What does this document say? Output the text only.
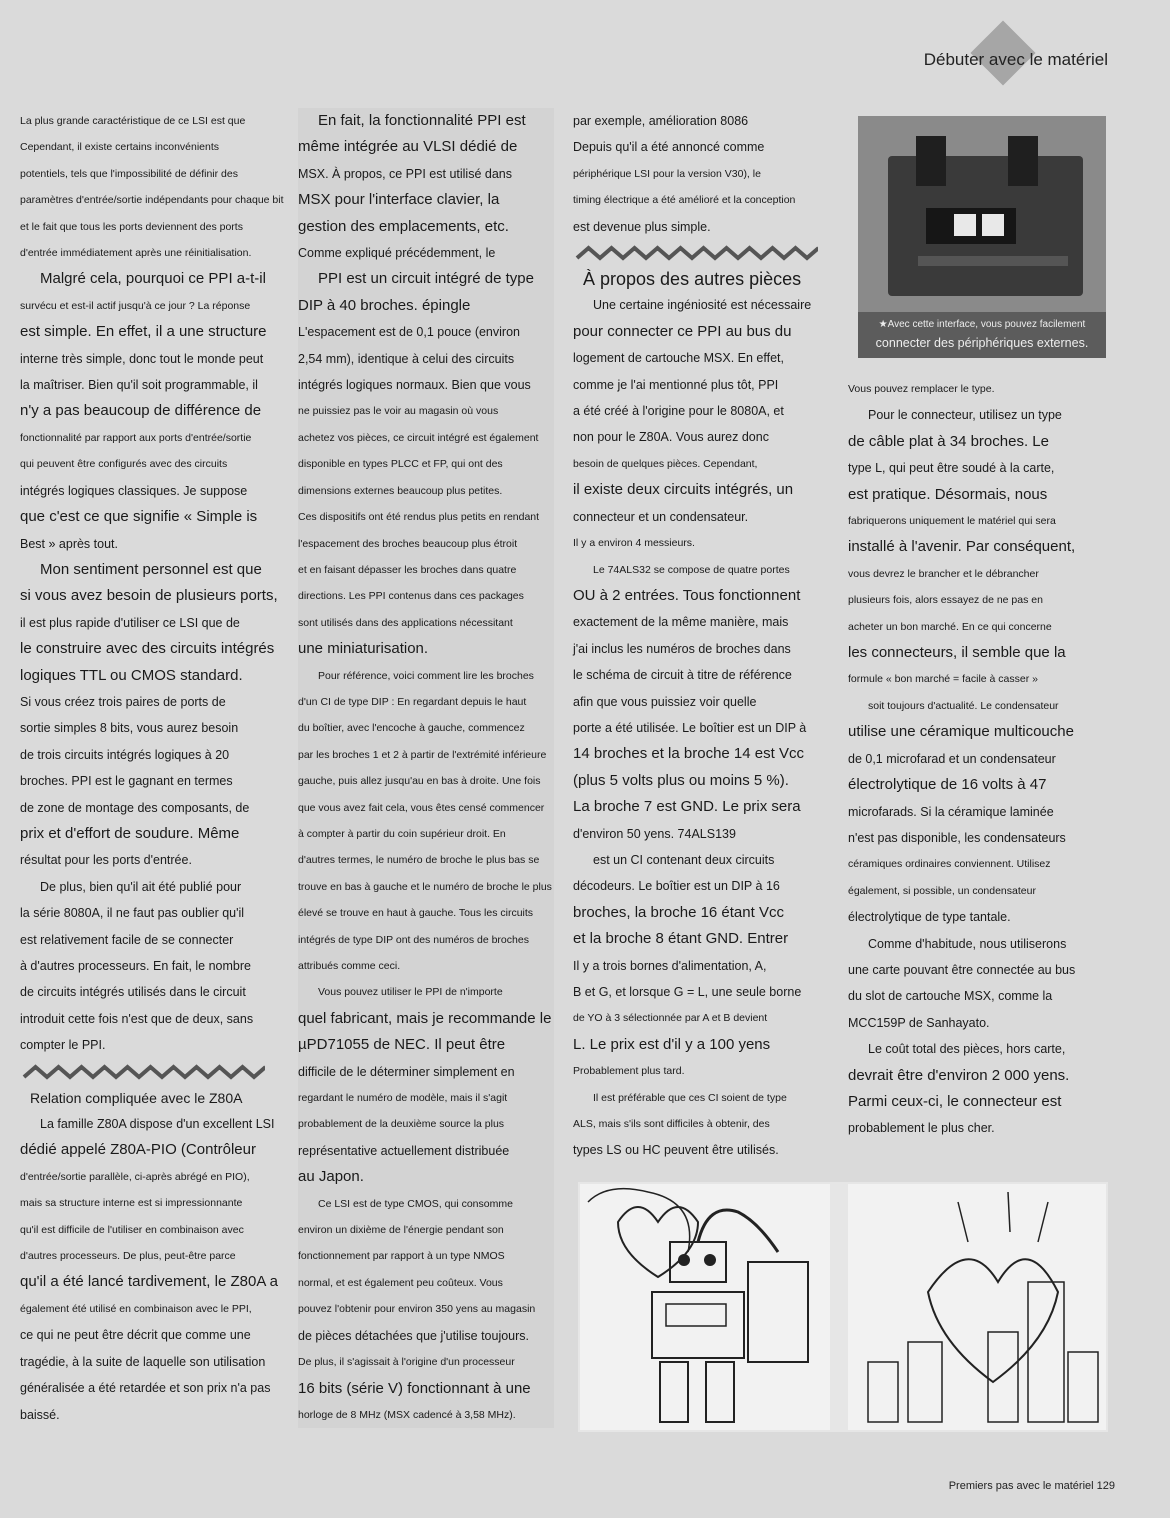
Débuter avec le matériel

La plus grande caractéristique de ce LSI est que

Cependant, il existe certains inconvénients

potentiels, tels que l'impossibilité de définir des

paramètres d'entrée/sortie indépendants pour chaque bit

et le fait que tous les ports deviennent des ports

d'entrée immédiatement après une réinitialisation.

Malgré cela, pourquoi ce PPI a-t-il

survécu et est-il actif jusqu'à ce jour ? La réponse

est simple. En effet, il a une structure

interne très simple, donc tout le monde peut

la maîtriser. Bien qu'il soit programmable, il

n'y a pas beaucoup de différence de

fonctionnalité par rapport aux ports d'entrée/sortie

qui peuvent être configurés avec des circuits

intégrés logiques classiques. Je suppose

que c'est ce que signifie « Simple is

Best » après tout.

Mon sentiment personnel est que

si vous avez besoin de plusieurs ports,

il est plus rapide d'utiliser ce LSI que de

le construire avec des circuits intégrés

logiques TTL ou CMOS standard.

Si vous créez trois paires de ports de

sortie simples 8 bits, vous aurez besoin

de trois circuits intégrés logiques à 20

broches. PPI est le gagnant en termes

de zone de montage des composants, de

prix et d'effort de soudure. Même

résultat pour les ports d'entrée.

De plus, bien qu'il ait été publié pour

la série 8080A, il ne faut pas oublier qu'il

est relativement facile de se connecter

à d'autres processeurs. En fait, le nombre

de circuits intégrés utilisés dans le circuit

introduit cette fois n'est que de deux, sans

compter le PPI.

Relation compliquée avec le Z80A

La famille Z80A dispose d'un excellent LSI

dédié appelé Z80A-PIO (Contrôleur

d'entrée/sortie parallèle, ci-après abrégé en PIO),

mais sa structure interne est si impressionnante

qu'il est difficile de l'utiliser en combinaison avec

d'autres processeurs. De plus, peut-être parce

qu'il a été lancé tardivement, le Z80A a

également été utilisé en combinaison avec le PPI,

ce qui ne peut être décrit que comme une

tragédie, à la suite de laquelle son utilisation

généralisée a été retardée et son prix n'a pas

baissé.

En fait, la fonctionnalité PPI est

même intégrée au VLSI dédié de

MSX. À propos, ce PPI est utilisé dans

MSX pour l'interface clavier, la

gestion des emplacements, etc.

Comme expliqué précédemment, le

PPI est un circuit intégré de type

DIP à 40 broches. épingle

L'espacement est de 0,1 pouce (environ

2,54 mm), identique à celui des circuits

intégrés logiques normaux. Bien que vous

ne puissiez pas le voir au magasin où vous

achetez vos pièces, ce circuit intégré est également

disponible en types PLCC et FP, qui ont des

dimensions externes beaucoup plus petites.

Ces dispositifs ont été rendus plus petits en rendant

l'espacement des broches beaucoup plus étroit

et en faisant dépasser les broches dans quatre

directions. Les PPI contenus dans ces packages

sont utilisés dans des applications nécessitant

une miniaturisation.

Pour référence, voici comment lire les broches

d'un CI de type DIP : En regardant depuis le haut

du boîtier, avec l'encoche à gauche, commencez

par les broches 1 et 2 à partir de l'extrémité inférieure

gauche, puis allez jusqu'au en bas à droite. Une fois

que vous avez fait cela, vous êtes censé commencer

à compter à partir du coin supérieur droit. En

d'autres termes, le numéro de broche le plus bas se

trouve en bas à gauche et le numéro de broche le plus

élevé se trouve en haut à gauche. Tous les circuits

intégrés de type DIP ont des numéros de broches

attribués comme ceci.

Vous pouvez utiliser le PPI de n'importe

quel fabricant, mais je recommande le

µPD71055 de NEC. Il peut être

difficile de le déterminer simplement en

regardant le numéro de modèle, mais il s'agit

probablement de la deuxième source la plus

représentative actuellement distribuée

au Japon.

Ce LSI est de type CMOS, qui consomme

environ un dixième de l'énergie pendant son

fonctionnement par rapport à un type NMOS

normal, et est également peu coûteux. Vous

pouvez l'obtenir pour environ 350 yens au magasin

de pièces détachées que j'utilise toujours.

De plus, il s'agissait à l'origine d'un processeur

16 bits (série V) fonctionnant à une

horloge de 8 MHz (MSX cadencé à 3,58 MHz).

par exemple, amélioration 8086

Depuis qu'il a été annoncé comme

périphérique LSI pour la version V30), le

timing électrique a été amélioré et la conception

est devenue plus simple.

À propos des autres pièces

Une certaine ingéniosité est nécessaire

pour connecter ce PPI au bus du

logement de cartouche MSX. En effet,

comme je l'ai mentionné plus tôt, PPI

a été créé à l'origine pour le 8080A, et

non pour le Z80A. Vous aurez donc

besoin de quelques pièces. Cependant,

il existe deux circuits intégrés, un

connecteur et un condensateur.

Il y a environ 4 messieurs.

Le 74ALS32 se compose de quatre portes

OU à 2 entrées. Tous fonctionnent

exactement de la même manière, mais

j'ai inclus les numéros de broches dans

le schéma de circuit à titre de référence

afin que vous puissiez voir quelle

porte a été utilisée. Le boîtier est un DIP à

14 broches et la broche 14 est Vcc

(plus 5 volts plus ou moins 5 %).

La broche 7 est GND. Le prix sera

d'environ 50 yens. 74ALS139

est un CI contenant deux circuits

décodeurs. Le boîtier est un DIP à 16

broches, la broche 16 étant Vcc

et la broche 8 étant GND. Entrer

Il y a trois bornes d'alimentation, A,

B et G, et lorsque G = L, une seule borne

de YO à 3 sélectionnée par A et B devient

L. Le prix est d'il y a 100 yens

Probablement plus tard.

Il est préférable que ces CI soient de type

ALS, mais s'ils sont difficiles à obtenir, des

types LS ou HC peuvent être utilisés.

★Avec cette interface, vous pouvez facilement
connecter des périphériques externes.

Vous pouvez remplacer le type.

Pour le connecteur, utilisez un type

de câble plat à 34 broches. Le

type L, qui peut être soudé à la carte,

est pratique. Désormais, nous

fabriquerons uniquement le matériel qui sera

installé à l'avenir. Par conséquent,

vous devrez le brancher et le débrancher

plusieurs fois, alors essayez de ne pas en

acheter un bon marché. En ce qui concerne

les connecteurs, il semble que la

formule « bon marché = facile à casser »

soit toujours d'actualité. Le condensateur

utilise une céramique multicouche

de 0,1 microfarad et un condensateur

électrolytique de 16 volts à 47

microfarads. Si la céramique laminée

n'est pas disponible, les condensateurs

céramiques ordinaires conviennent. Utilisez

également, si possible, un condensateur

électrolytique de type tantale.

Comme d'habitude, nous utiliserons

une carte pouvant être connectée au bus

du slot de cartouche MSX, comme la

MCC159P de Sanhayato.

Le coût total des pièces, hors carte,

devrait être d'environ 2 000 yens.

Parmi ceux-ci, le connecteur est

probablement le plus cher.

Premiers pas avec le matériel 129
